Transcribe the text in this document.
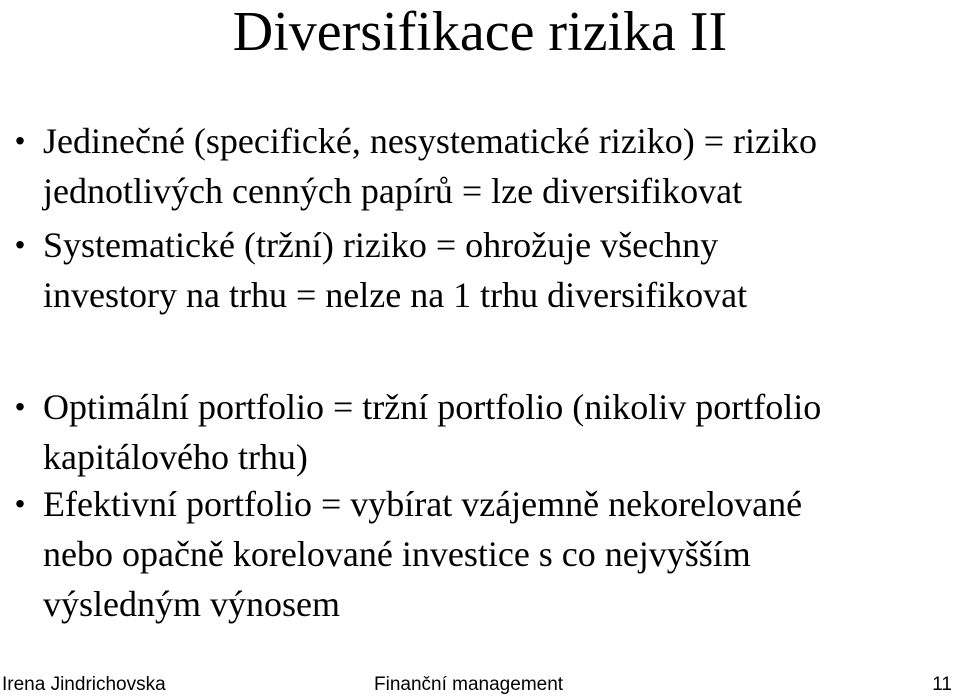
Diversifikace rizika II
• Jedinečné (specifické, nesystematické riziko) = riziko
jednotlivých cenných papírů = lze diversifikovat
• Systematické (tržní) riziko = ohrožuje všechny
investory na trhu = nelze na 1 trhu diversifikovat
• Optimální portfolio = tržní portfolio (nikoliv portfolio
kapitálového trhu)
• Efektivní portfolio = vybírat vzájemně nekorelované
nebo opačně korelované investice s co nejvyšším
výsledným výnosem
Irena Jindrichovska	Finanční management	11
